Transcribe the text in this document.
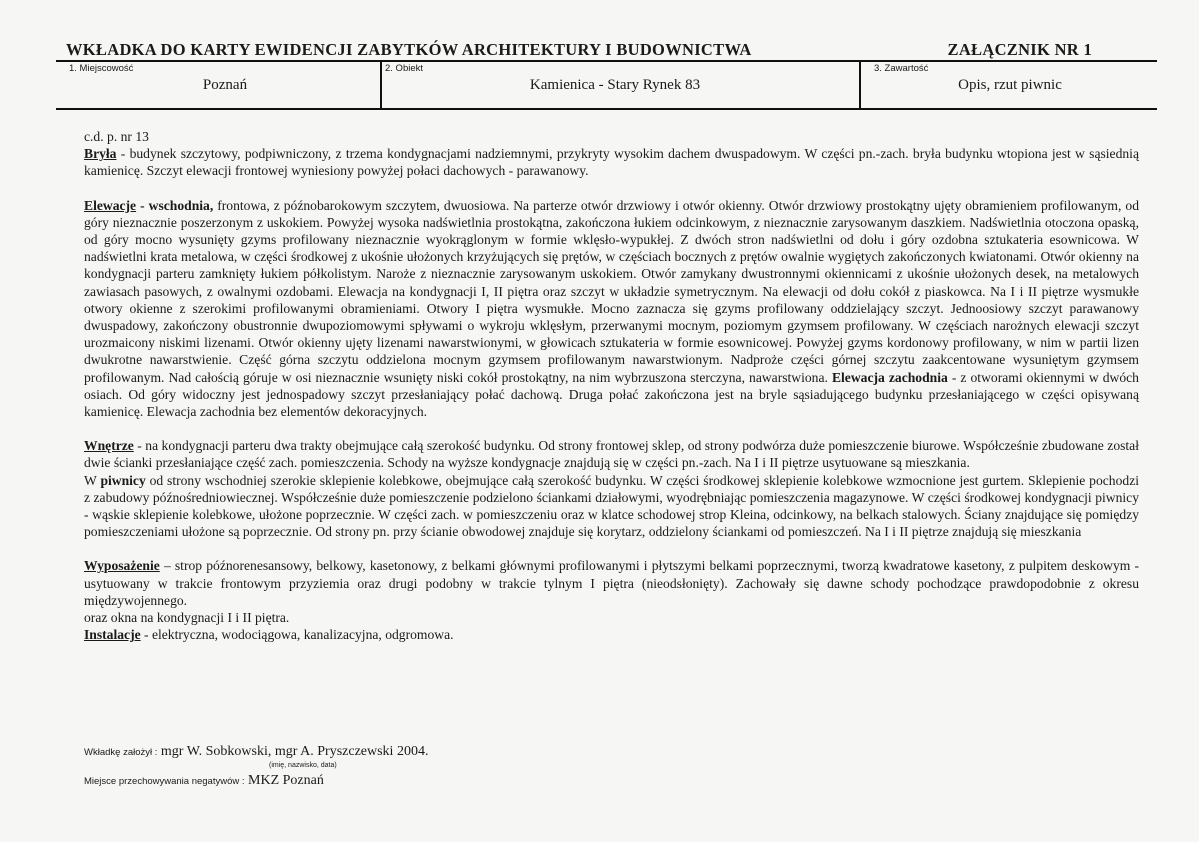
WKŁADKA DO KARTY EWIDENCJI ZABYTKÓW ARCHITEKTURY I BUDOWNICTWA	ZAŁĄCZNIK NR 1
1. Miejscowość
Poznań
2. Obiekt
Kamienica - Stary Rynek 83
3. Zawartość
Opis, rzut piwnic

c.d. p. nr 13

Bryła - budynek szczytowy, podpiwniczony, z trzema kondygnacjami nadziemnymi, przykryty wysokim dachem dwuspadowym. W części pn.-zach. bryła budynku wtopiona jest w sąsiednią kamienicę. Szczyt elewacji frontowej wyniesiony powyżej połaci dachowych - parawanowy.

Elewacje - wschodnia, frontowa, z późnobarokowym szczytem, dwuosiowa. Na parterze otwór drzwiowy i otwór okienny. Otwór drzwiowy prostokątny ujęty obramieniem profilowanym, od góry nieznacznie poszerzonym z uskokiem. Powyżej wysoka nadświetlnia prostokątna, zakończona łukiem odcinkowym, z nieznacznie zarysowanym daszkiem. Nadświetlnia otoczona opaską, od góry mocno wysunięty gzyms profilowany nieznacznie wyokrąglonym w formie wklęsło-wypukłej. Z dwóch stron nadświetlni od dołu i góry ozdobna sztukateria esownicowa. W nadświetlni krata metalowa, w części środkowej z ukośnie ułożonych krzyżujących się prętów, w częściach bocznych z prętów owalnie wygiętych zakończonych kwiatonami. Otwór okienny na kondygnacji parteru zamknięty łukiem półkolistym. Naroże z nieznacznie zarysowanym uskokiem. Otwór zamykany dwustronnymi okiennicami z ukośnie ułożonych desek, na metalowych zawiasach pasowych, z owalnymi ozdobami. Elewacja na kondygnacji I, II piętra oraz szczyt w układzie symetrycznym. Na elewacji od dołu cokół z piaskowca. Na I i II piętrze wysmukłe otwory okienne z szerokimi profilowanymi obramieniami. Otwory I piętra wysmukłe. Mocno zaznacza się gzyms profilowany oddzielający szczyt. Jednoosiowy szczyt parawanowy dwuspadowy, zakończony obustronnie dwupoziomowymi spływami o wykroju wklęsłym, przerwanymi mocnym, poziomym gzymsem profilowany. W częściach narożnych elewacji szczyt urozmaicony niskimi lizenami. Otwór okienny ujęty lizenami nawarstwionymi, w głowicach sztukateria w formie esownicowej. Powyżej gzyms kordonowy profilowany, w nim w partii lizen dwukrotne nawarstwienie. Część górna szczytu oddzielona mocnym gzymsem profilowanym nawarstwionym. Nadproże części górnej szczytu zaakcentowane wysuniętym gzymsem profilowanym. Nad całością góruje w osi nieznacznie wsunięty niski cokół prostokątny, na nim wybrzuszona sterczyna, nawarstwiona. Elewacja zachodnia - z otworami okiennymi w dwóch osiach. Od góry widoczny jest jednospadowy szczyt przesłaniający połać dachową. Druga połać zakończona jest na bryle sąsiadującego budynku przesłaniającego w części opisywaną kamienicę. Elewacja zachodnia bez elementów dekoracyjnych.

Wnętrze - na kondygnacji parteru dwa trakty obejmujące całą szerokość budynku. Od strony frontowej sklep, od strony podwórza duże pomieszczenie biurowe. Współcześnie zbudowane został dwie ścianki przesłaniające część zach. pomieszczenia. Schody na wyższe kondygnacje znajdują się w części pn.-zach. Na I i II piętrze usytuowane są mieszkania.

W piwnicy od strony wschodniej szerokie sklepienie kolebkowe, obejmujące całą szerokość budynku. W części środkowej sklepienie kolebkowe wzmocnione jest gurtem. Sklepienie pochodzi z zabudowy późnośredniowiecznej. Współcześnie duże pomieszczenie podzielono ściankami działowymi, wyodrębniając pomieszczenia magazynowe. W części środkowej kondygnacji piwnicy - wąskie sklepienie kolebkowe, ułożone poprzecznie. W części zach. w pomieszczeniu oraz w klatce schodowej strop Kleina, odcinkowy, na belkach stalowych. Ściany znajdujące się pomiędzy pomieszczeniami ułożone są poprzecznie. Od strony pn. przy ścianie obwodowej znajduje się korytarz, oddzielony ściankami od pomieszczeń. Na I i II piętrze znajdują się mieszkania

Wyposażenie – strop późnorenesansowy, belkowy, kasetonowy, z belkami głównymi profilowanymi i płytszymi belkami poprzecznymi, tworzą kwadratowe kasetony, z pulpitem deskowym - usytuowany w trakcie frontowym przyziemia oraz drugi podobny w trakcie tylnym I piętra (nieodsłonięty). Zachowały się dawne schody pochodzące prawdopodobnie z okresu międzywojennego.

oraz okna na kondygnacji I i II piętra.

Instalacje - elektryczna, wodociągowa, kanalizacyjna, odgromowa.

Wkładkę założył : mgr W. Sobkowski, mgr A. Pryszczewski 2004.
(imię, nazwisko, data)
Miejsce przechowywania negatywów : MKZ Poznań
